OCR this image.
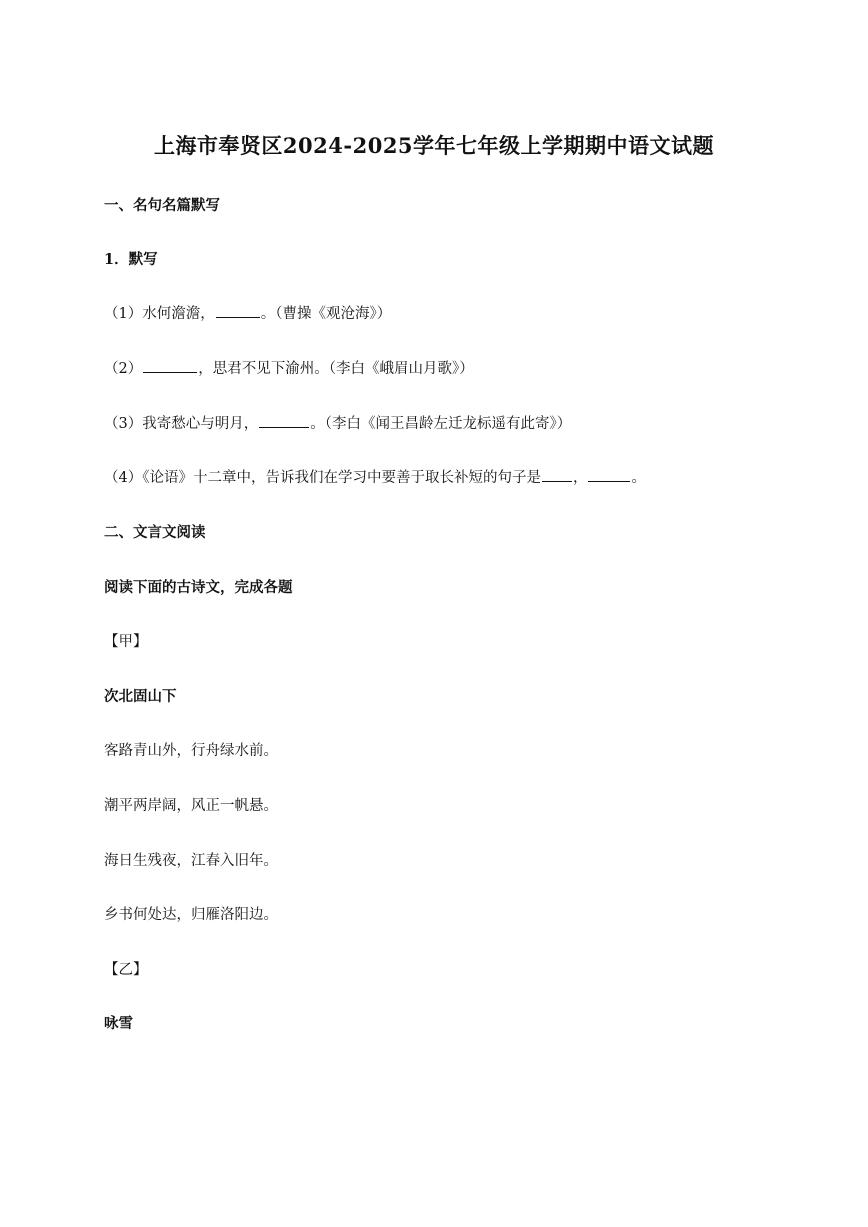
上海市奉贤区2024-2025学年七年级上学期期中语文试题
一、名句名篇默写
1．默写
（1）水何澹澹，	。（曹操《观沧海》）
（2）	，思君不见下渝州。（李白《峨眉山月歌》）
（3）我寄愁心与明月，	。（李白《闻王昌龄左迁龙标遥有此寄》）
（4）《论语》十二章中，告诉我们在学习中要善于取长补短的句子是 ，	。
二、文言文阅读
阅读下面的古诗文，完成各题
【甲】
次北固山下
客路青山外，行舟绿水前。
潮平两岸阔，风正一帆悬。
海日生残夜，江春入旧年。
乡书何处达，归雁洛阳边。
【乙】
咏雪
